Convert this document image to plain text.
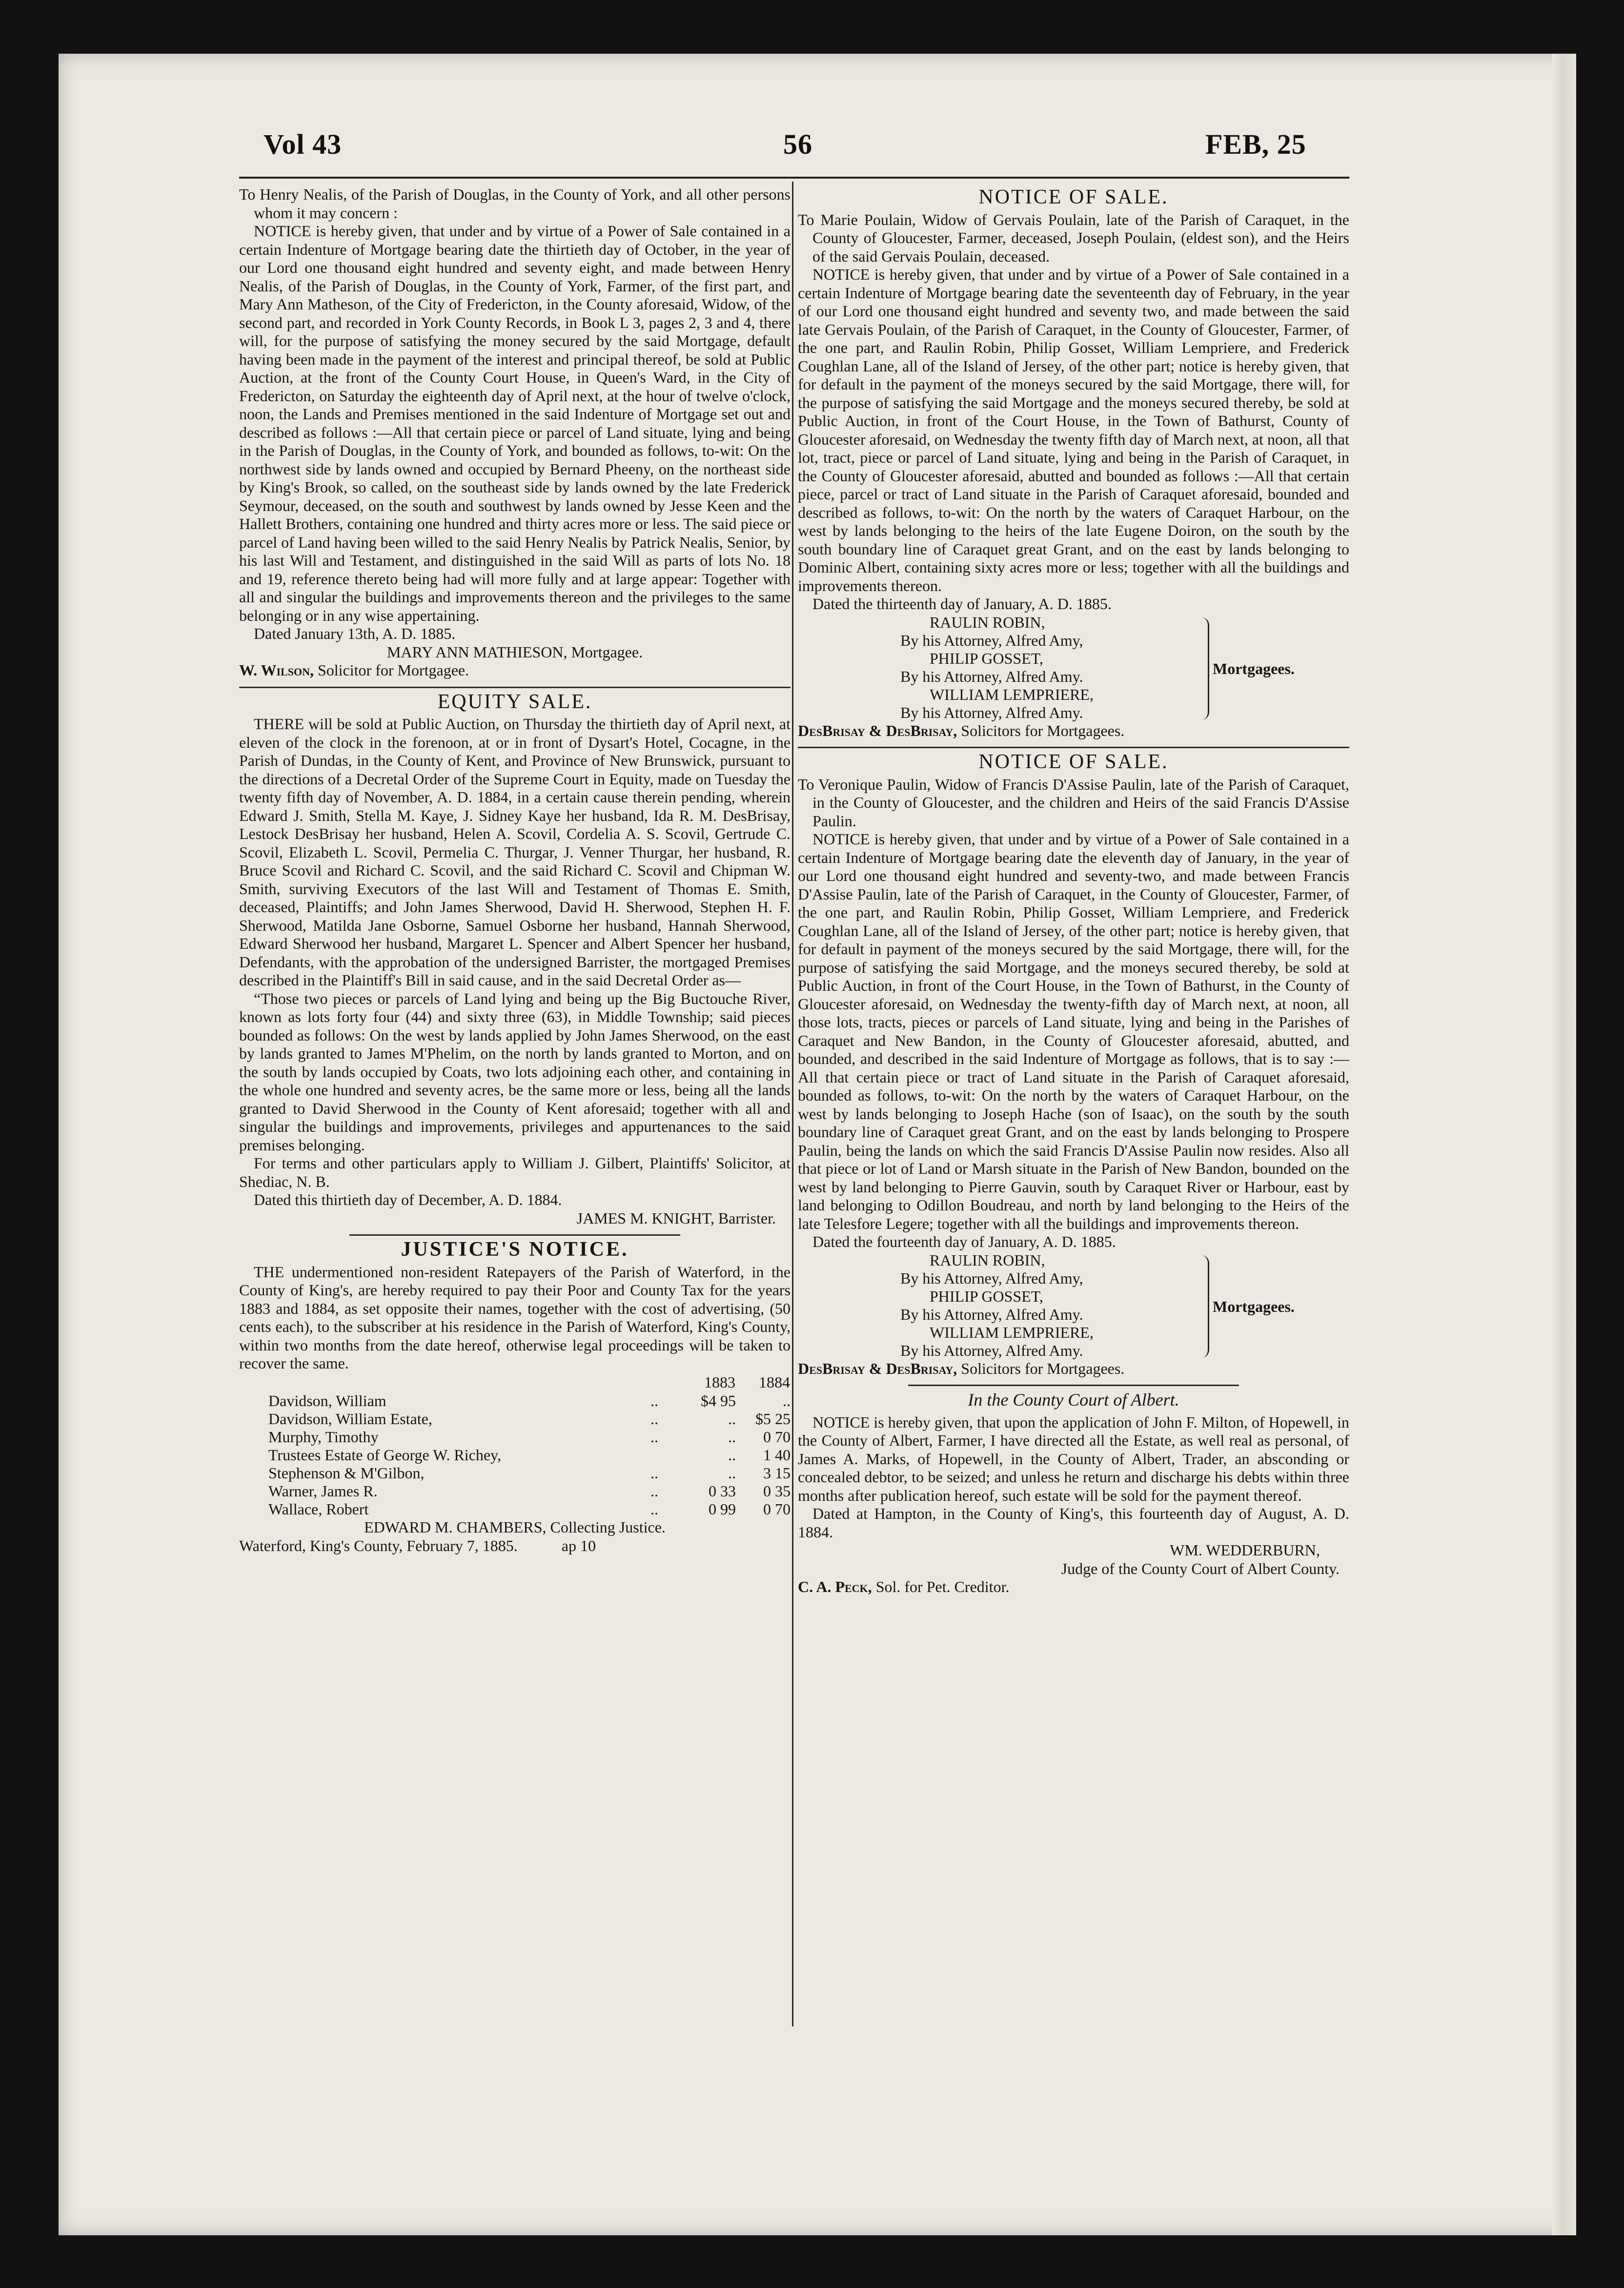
Vol 43	56	FEB, 25

To Henry Nealis, of the Parish of Douglas, in the County of York, and all other persons whom it may concern :

NOTICE is hereby given, that under and by virtue of a Power of Sale contained in a certain Indenture of Mortgage bearing date the thirtieth day of October, in the year of our Lord one thousand eight hundred and seventy eight, and made between Henry Nealis, of the Parish of Douglas, in the County of York, Farmer, of the first part, and Mary Ann Matheson, of the City of Fredericton, in the County aforesaid, Widow, of the second part, and recorded in York County Records, in Book L 3, pages 2, 3 and 4, there will, for the purpose of satisfying the money secured by the said Mortgage, default having been made in the payment of the interest and principal thereof, be sold at Public Auction, at the front of the County Court House, in Queen's Ward, in the City of Fredericton, on Saturday the eighteenth day of April next, at the hour of twelve o'clock, noon, the Lands and Premises mentioned in the said Indenture of Mortgage set out and described as follows :—All that certain piece or parcel of Land situate, lying and being in the Parish of Douglas, in the County of York, and bounded as follows, to-wit: On the northwest side by lands owned and occupied by Bernard Pheeny, on the northeast side by King's Brook, so called, on the southeast side by lands owned by the late Frederick Seymour, deceased, on the south and southwest by lands owned by Jesse Keen and the Hallett Brothers, containing one hundred and thirty acres more or less. The said piece or parcel of Land having been willed to the said Henry Nealis by Patrick Nealis, Senior, by his last Will and Testament, and distinguished in the said Will as parts of lots No. 18 and 19, reference thereto being had will more fully and at large appear: Together with all and singular the buildings and improvements thereon and the privileges to the same belonging or in any wise appertaining.

Dated January 13th, A. D. 1885.

MARY ANN MATHIESON, Mortgagee.

W. Wilson, Solicitor for Mortgagee.

EQUITY SALE.

THERE will be sold at Public Auction, on Thursday the thirtieth day of April next, at eleven of the clock in the forenoon, at or in front of Dysart's Hotel, Cocagne, in the Parish of Dundas, in the County of Kent, and Province of New Brunswick, pursuant to the directions of a Decretal Order of the Supreme Court in Equity, made on Tuesday the twenty fifth day of November, A. D. 1884, in a certain cause therein pending, wherein Edward J. Smith, Stella M. Kaye, J. Sidney Kaye her husband, Ida R. M. DesBrisay, Lestock DesBrisay her husband, Helen A. Scovil, Cordelia A. S. Scovil, Gertrude C. Scovil, Elizabeth L. Scovil, Permelia C. Thurgar, J. Venner Thurgar, her husband, R. Bruce Scovil and Richard C. Scovil, and the said Richard C. Scovil and Chipman W. Smith, surviving Executors of the last Will and Testament of Thomas E. Smith, deceased, Plaintiffs; and John James Sherwood, David H. Sherwood, Stephen H. F. Sherwood, Matilda Jane Osborne, Samuel Osborne her husband, Hannah Sherwood, Edward Sherwood her husband, Margaret L. Spencer and Albert Spencer her husband, Defendants, with the approbation of the undersigned Barrister, the mortgaged Premises described in the Plaintiff's Bill in said cause, and in the said Decretal Order as—

“Those two pieces or parcels of Land lying and being up the Big Buctouche River, known as lots forty four (44) and sixty three (63), in Middle Township; said pieces bounded as follows: On the west by lands applied by John James Sherwood, on the east by lands granted to James M'Phelim, on the north by lands granted to Morton, and on the south by lands occupied by Coats, two lots adjoining each other, and containing in the whole one hundred and seventy acres, be the same more or less, being all the lands granted to David Sherwood in the County of Kent aforesaid; together with all and singular the buildings and improvements, privileges and appurtenances to the said premises belonging.

For terms and other particulars apply to William J. Gilbert, Plaintiffs' Solicitor, at Shediac, N. B.

Dated this thirtieth day of December, A. D. 1884.

JAMES M. KNIGHT, Barrister.

JUSTICE'S NOTICE.

THE undermentioned non-resident Ratepayers of the Parish of Waterford, in the County of King's, are hereby required to pay their Poor and County Tax for the years 1883 and 1884, as set opposite their names, together with the cost of advertising, (50 cents each), to the subscriber at his residence in the Parish of Waterford, King's County, within two months from the date hereof, otherwise legal proceedings will be taken to recover the same.

		1883	1884
Davidson, William	..	$4 95	..
Davidson, William Estate,	..	..	$5 25
Murphy, Timothy	..	..	0 70
Trustees Estate of George W. Richey,		..	1 40
Stephenson & M'Gilbon,	..	..	3 15
Warner, James R.	..	0 33	0 35
Wallace, Robert	..	0 99	0 70

EDWARD M. CHAMBERS, Collecting Justice.

Waterford, King's County, February 7, 1885.	ap 10

NOTICE OF SALE.

To Marie Poulain, Widow of Gervais Poulain, late of the Parish of Caraquet, in the County of Gloucester, Farmer, deceased, Joseph Poulain, (eldest son), and the Heirs of the said Gervais Poulain, deceased.

NOTICE is hereby given, that under and by virtue of a Power of Sale contained in a certain Indenture of Mortgage bearing date the seventeenth day of February, in the year of our Lord one thousand eight hundred and seventy two, and made between the said late Gervais Poulain, of the Parish of Caraquet, in the County of Gloucester, Farmer, of the one part, and Raulin Robin, Philip Gosset, William Lempriere, and Frederick Coughlan Lane, all of the Island of Jersey, of the other part; notice is hereby given, that for default in the payment of the moneys secured by the said Mortgage, there will, for the purpose of satisfying the said Mortgage and the moneys secured thereby, be sold at Public Auction, in front of the Court House, in the Town of Bathurst, County of Gloucester aforesaid, on Wednesday the twenty fifth day of March next, at noon, all that lot, tract, piece or parcel of Land situate, lying and being in the Parish of Caraquet, in the County of Gloucester aforesaid, abutted and bounded as follows :—All that certain piece, parcel or tract of Land situate in the Parish of Caraquet aforesaid, bounded and described as follows, to-wit: On the north by the waters of Caraquet Harbour, on the west by lands belonging to the heirs of the late Eugene Doiron, on the south by the south boundary line of Caraquet great Grant, and on the east by lands belonging to Dominic Albert, containing sixty acres more or less; together with all the buildings and improvements thereon.

Dated the thirteenth day of January, A. D. 1885.

Mortgagees.
RAULIN ROBIN,
By his Attorney, Alfred Amy,
PHILIP GOSSET,
By his Attorney, Alfred Amy.
WILLIAM LEMPRIERE,
By his Attorney, Alfred Amy.

DesBrisay & DesBrisay, Solicitors for Mortgagees.

NOTICE OF SALE.

To Veronique Paulin, Widow of Francis D'Assise Paulin, late of the Parish of Caraquet, in the County of Gloucester, and the children and Heirs of the said Francis D'Assise Paulin.

NOTICE is hereby given, that under and by virtue of a Power of Sale contained in a certain Indenture of Mortgage bearing date the eleventh day of January, in the year of our Lord one thousand eight hundred and seventy-two, and made between Francis D'Assise Paulin, late of the Parish of Caraquet, in the County of Gloucester, Farmer, of the one part, and Raulin Robin, Philip Gosset, William Lempriere, and Frederick Coughlan Lane, all of the Island of Jersey, of the other part; notice is hereby given, that for default in payment of the moneys secured by the said Mortgage, there will, for the purpose of satisfying the said Mortgage, and the moneys secured thereby, be sold at Public Auction, in front of the Court House, in the Town of Bathurst, in the County of Gloucester aforesaid, on Wednesday the twenty-fifth day of March next, at noon, all those lots, tracts, pieces or parcels of Land situate, lying and being in the Parishes of Caraquet and New Bandon, in the County of Gloucester aforesaid, abutted, and bounded, and described in the said Indenture of Mortgage as follows, that is to say :—All that certain piece or tract of Land situate in the Parish of Caraquet aforesaid, bounded as follows, to-wit: On the north by the waters of Caraquet Harbour, on the west by lands belonging to Joseph Hache (son of Isaac), on the south by the south boundary line of Caraquet great Grant, and on the east by lands belonging to Prospere Paulin, being the lands on which the said Francis D'Assise Paulin now resides. Also all that piece or lot of Land or Marsh situate in the Parish of New Bandon, bounded on the west by land belonging to Pierre Gauvin, south by Caraquet River or Harbour, east by land belonging to Odillon Boudreau, and north by land belonging to the Heirs of the late Telesfore Legere; together with all the buildings and improvements thereon.

Dated the fourteenth day of January, A. D. 1885.

Mortgagees.
RAULIN ROBIN,
By his Attorney, Alfred Amy,
PHILIP GOSSET,
By his Attorney, Alfred Amy.
WILLIAM LEMPRIERE,
By his Attorney, Alfred Amy.

DesBrisay & DesBrisay, Solicitors for Mortgagees.

In the County Court of Albert.

NOTICE is hereby given, that upon the application of John F. Milton, of Hopewell, in the County of Albert, Farmer, I have directed all the Estate, as well real as personal, of James A. Marks, of Hopewell, in the County of Albert, Trader, an absconding or concealed debtor, to be seized; and unless he return and discharge his debts within three months after publication hereof, such estate will be sold for the payment thereof.

Dated at Hampton, in the County of King's, this fourteenth day of August, A. D. 1884.

WM. WEDDERBURN,

Judge of the County Court of Albert County.

C. A. Peck, Sol. for Pet. Creditor.
